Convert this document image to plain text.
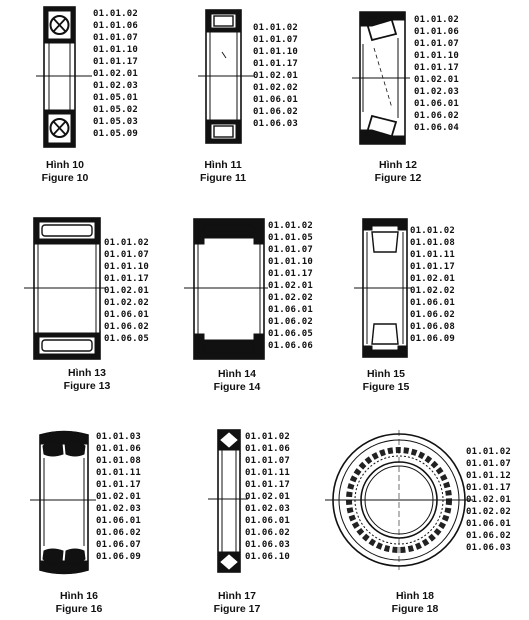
01.01.02
01.01.06
01.01.07
01.01.10
01.01.17
01.02.01
01.02.03
01.05.01
01.05.02
01.05.03
01.05.09
Hình 10
Figure 10
01.01.02
01.01.07
01.01.10
01.01.17
01.02.01
01.02.02
01.06.01
01.06.02
01.06.03
Hình 11
Figure 11
01.01.02
01.01.06
01.01.07
01.01.10
01.01.17
01.02.01
01.02.03
01.06.01
01.06.02
01.06.04
Hình 12
Figure 12
01.01.02
01.01.07
01.01.10
01.01.17
01.02.01
01.02.02
01.06.01
01.06.02
01.06.05
Hình 13
Figure 13
01.01.02
01.01.05
01.01.07
01.01.10
01.01.17
01.02.01
01.02.02
01.06.01
01.06.02
01.06.05
01.06.06
Hình 14
Figure 14
01.01.02
01.01.08
01.01.11
01.01.17
01.02.01
01.02.02
01.06.01
01.06.02
01.06.08
01.06.09
Hình 15
Figure 15
01.01.03
01.01.06
01.01.08
01.01.11
01.01.17
01.02.01
01.02.03
01.06.01
01.06.02
01.06.07
01.06.09
Hình 16
Figure 16
01.01.02
01.01.06
01.01.07
01.01.11
01.01.17
01.02.01
01.02.03
01.06.01
01.06.02
01.06.03
01.06.10
Hình 17
Figure 17
01.01.02
01.01.07
01.01.12
01.01.17
01.02.01
01.02.02
01.06.01
01.06.02
01.06.03
Hình 18
Figure 18
